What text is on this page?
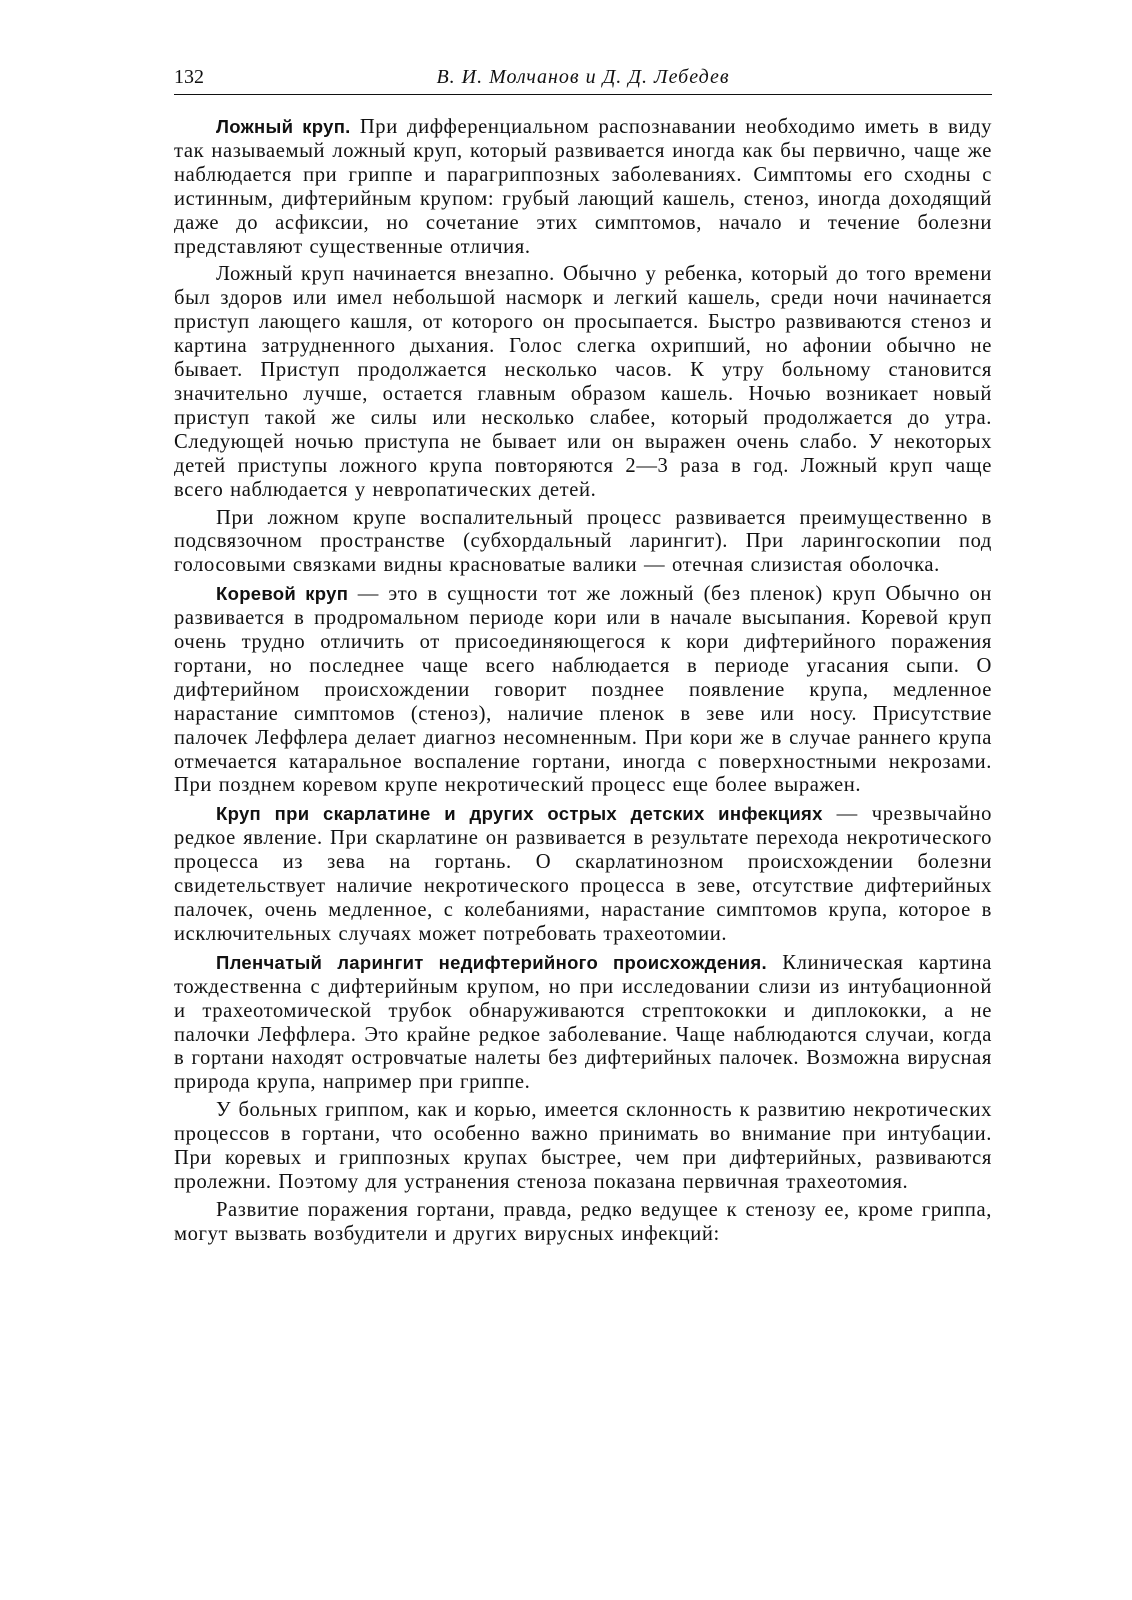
132	В. И. Молчанов и Д. Д. Лебедев

Ложный круп. При дифференциальном распознавании необходимо иметь в виду так называемый ложный круп, который развивается иногда как бы первично, чаще же наблюдается при гриппе и парагриппозных заболеваниях. Симптомы его сходны с истинным, дифтерийным крупом: грубый лающий кашель, стеноз, иногда доходящий даже до асфиксии, но сочетание этих симптомов, начало и течение болезни представляют существенные отличия.

Ложный круп начинается внезапно. Обычно у ребенка, который до того времени был здоров или имел небольшой насморк и легкий кашель, среди ночи начинается приступ лающего кашля, от которого он просыпается. Быстро развиваются стеноз и картина затрудненного дыхания. Голос слегка охрипший, но афонии обычно не бывает. Приступ продолжается несколько часов. К утру больному становится значительно лучше, остается главным образом кашель. Ночью возникает новый приступ такой же силы или несколько слабее, который продолжается до утра. Следующей ночью приступа не бывает или он выражен очень слабо. У некоторых детей приступы ложного крупа повторяются 2—3 раза в год. Ложный круп чаще всего наблюдается у невропатических детей.

При ложном крупе воспалительный процесс развивается преимущественно в подсвязочном пространстве (субхордальный ларингит). При ларингоскопии под голосовыми связками видны красноватые валики — отечная слизистая оболочка.

Коревой круп — это в сущности тот же ложный (без пленок) круп Обычно он развивается в продромальном периоде кори или в начале высыпания. Коревой круп очень трудно отличить от присоединяющегося к кори дифтерийного поражения гортани, но последнее чаще всего наблюдается в периоде угасания сыпи. О дифтерийном происхождении говорит позднее появление крупа, медленное нарастание симптомов (стеноз), наличие пленок в зеве или носу. Присутствие палочек Леффлера делает диагноз несомненным. При кори же в случае раннего крупа отмечается катаральное воспаление гортани, иногда с поверхностными некрозами. При позднем коревом крупе некротический процесс еще более выражен.

Круп при скарлатине и других острых детских инфекциях — чрезвычайно редкое явление. При скарлатине он развивается в результате перехода некротического процесса из зева на гортань. О скарлатинозном происхождении болезни свидетельствует наличие некротического процесса в зеве, отсутствие дифтерийных палочек, очень медленное, с колебаниями, нарастание симптомов крупа, которое в исключительных случаях может потребовать трахеотомии.

Пленчатый ларингит недифтерийного происхождения. Клиническая картина тождественна с дифтерийным крупом, но при исследовании слизи из интубационной и трахеотомической трубок обнаруживаются стрептококки и диплококки, а не палочки Леффлера. Это крайне редкое заболевание. Чаще наблюдаются случаи, когда в гортани находят островчатые налеты без дифтерийных палочек. Возможна вирусная природа крупа, например при гриппе.

У больных гриппом, как и корью, имеется склонность к развитию некротических процессов в гортани, что особенно важно принимать во внимание при интубации. При коревых и гриппозных крупах быстрее, чем при дифтерийных, развиваются пролежни. Поэтому для устранения стеноза показана первичная трахеотомия.

Развитие поражения гортани, правда, редко ведущее к стенозу ее, кроме гриппа, могут вызвать возбудители и других вирусных инфекций:
